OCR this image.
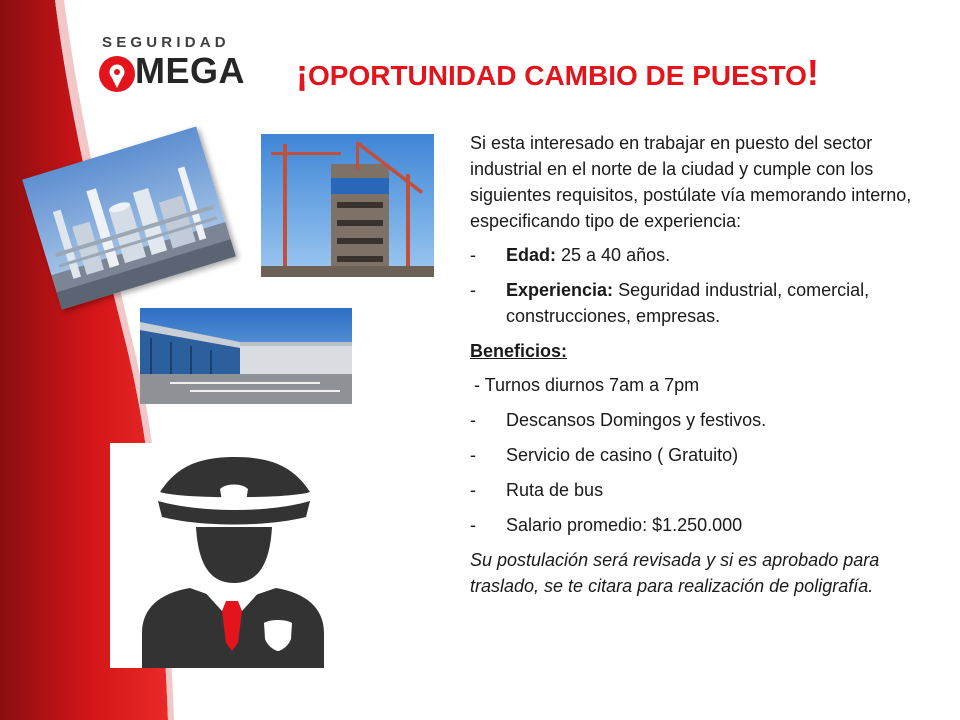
SEGURIDAD
MEGA ¡OPORTUNIDAD CAMBIO DE PUESTO!

Si esta interesado en trabajar en puesto del sector industrial en el norte de la ciudad y cumple con los siguientes requisitos, postúlate vía memorando interno, especificando tipo de experiencia:

-	Edad: 25 a 40 años.
-	Experiencia: Seguridad industrial, comercial, construcciones, empresas.

Beneficios:

- Turnos diurnos 7am a 7pm

-	Descansos Domingos y festivos.
-	Servicio de casino ( Gratuito)
-	Ruta de bus
-	Salario promedio: $1.250.000

Su postulación será revisada y si es aprobado para traslado, se te citara para realización de poligrafía.
